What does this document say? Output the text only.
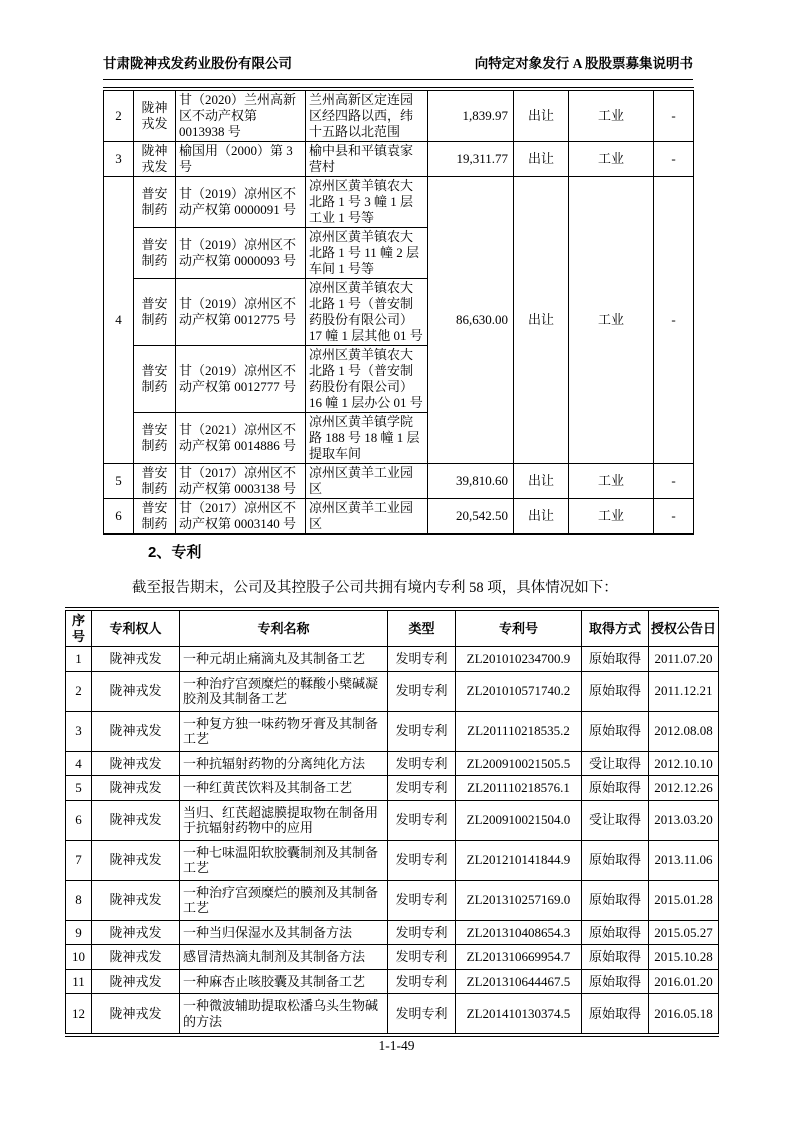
甘肃陇神戎发药业股份有限公司	向特定对象发行 A 股股票募集说明书
2	陇神戎发	甘（2020）兰州高新区不动产权第 0013938 号	兰州高新区定连园区经四路以西，纬十五路以北范围	1,839.97	出让	工业	-
3	陇神戎发	榆国用（2000）第 3 号	榆中县和平镇袁家营村	19,311.77	出让	工业	-
4	普安制药	甘（2019）凉州区不动产权第 0000091 号	凉州区黄羊镇农大北路 1 号 3 幢 1 层工业 1 号等	86,630.00	出让	工业	-
	普安制药	甘（2019）凉州区不动产权第 0000093 号	凉州区黄羊镇农大北路 1 号 11 幢 2 层车间 1 号等				
	普安制药	甘（2019）凉州区不动产权第 0012775 号	凉州区黄羊镇农大北路 1 号（普安制药股份有限公司）17 幢 1 层其他 01 号				
	普安制药	甘（2019）凉州区不动产权第 0012777 号	凉州区黄羊镇农大北路 1 号（普安制药股份有限公司）16 幢 1 层办公 01 号				
	普安制药	甘（2021）凉州区不动产权第 0014886 号	凉州区黄羊镇学院路 188 号 18 幢 1 层提取车间				
5	普安制药	甘（2017）凉州区不动产权第 0003138 号	凉州区黄羊工业园区	39,810.60	出让	工业	-
6	普安制药	甘（2017）凉州区不动产权第 0003140 号	凉州区黄羊工业园区	20,542.50	出让	工业	-
2、专利
截至报告期末，公司及其控股子公司共拥有境内专利 58 项，具体情况如下：
序号	专利权人	专利名称	类型	专利号	取得方式	授权公告日
1	陇神戎发	一种元胡止痛滴丸及其制备工艺	发明专利	ZL201010234700.9	原始取得	2011.07.20
2	陇神戎发	一种治疗宫颈糜烂的鞣酸小檗碱凝胶剂及其制备工艺	发明专利	ZL201010571740.2	原始取得	2011.12.21
3	陇神戎发	一种复方独一味药物牙膏及其制备工艺	发明专利	ZL201110218535.2	原始取得	2012.08.08
4	陇神戎发	一种抗辐射药物的分离纯化方法	发明专利	ZL200910021505.5	受让取得	2012.10.10
5	陇神戎发	一种红黄芪饮料及其制备工艺	发明专利	ZL201110218576.1	原始取得	2012.12.26
6	陇神戎发	当归、红芪超滤膜提取物在制备用于抗辐射药物中的应用	发明专利	ZL200910021504.0	受让取得	2013.03.20
7	陇神戎发	一种七味温阳软胶囊制剂及其制备工艺	发明专利	ZL201210141844.9	原始取得	2013.11.06
8	陇神戎发	一种治疗宫颈糜烂的膜剂及其制备工艺	发明专利	ZL201310257169.0	原始取得	2015.01.28
9	陇神戎发	一种当归保湿水及其制备方法	发明专利	ZL201310408654.3	原始取得	2015.05.27
10	陇神戎发	感冒清热滴丸制剂及其制备方法	发明专利	ZL201310669954.7	原始取得	2015.10.28
11	陇神戎发	一种麻杏止咳胶囊及其制备工艺	发明专利	ZL201310644467.5	原始取得	2016.01.20
12	陇神戎发	一种微波辅助提取松潘乌头生物碱的方法	发明专利	ZL201410130374.5	原始取得	2016.05.18
1-1-49
